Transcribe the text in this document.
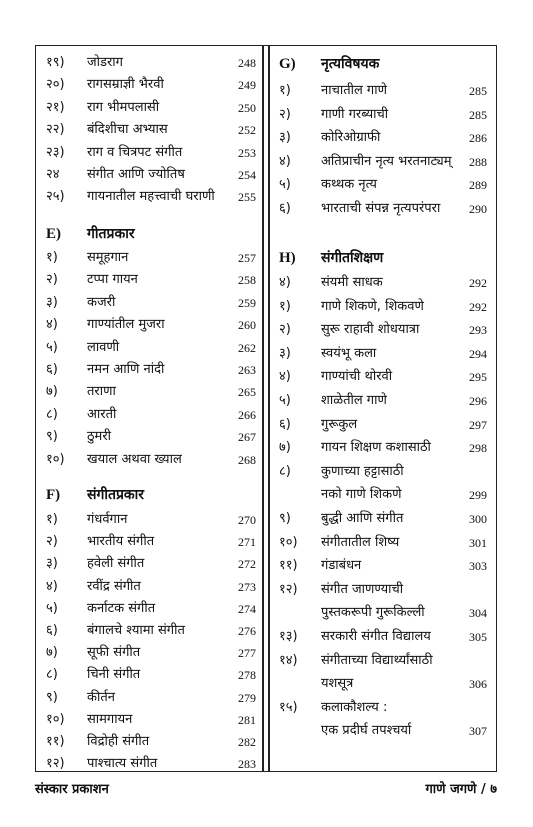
१९) जोडराग	248
२०) रागसम्राज्ञी भैरवी	249
२१) राग भीमपलासी	250
२२) बंदिशीचा अभ्यास	252
२३) राग व चित्रपट संगीत	253
२४ संगीत आणि ज्योतिष	254
२५) गायनातील महत्त्वाची घराणी 255
E) गीतप्रकार
१) समूहगान	257
२) टप्पा गायन	258
३) कजरी	259
४) गाण्यांतील मुजरा	260
५) लावणी	262
६) नमन आणि नांदी	263
७) तराणा	265
८) आरती	266
९) ठुमरी	267
१०) खयाल अथवा ख्याल	268
F) संगीतप्रकार
१) गंधर्वगान	270
२) भारतीय संगीत	271
३) हवेली संगीत	272
४) रवींद्र संगीत	273
५) कर्नाटक संगीत	274
६) बंगालचे श्यामा संगीत	276
७) सूफी संगीत	277
८) चिनी संगीत	278
९) कीर्तन	279
१०) सामगायन	281
११) विद्रोही संगीत	282
१२) पाश्चात्य संगीत	283
G) नृत्यविषयक
१) नाचातील गाणे	285
२) गाणी गरब्याची	285
३) कोरिओग्राफी	286
४) अतिप्राचीन नृत्य भरतनाट्यम् 288
५) कथ्थक नृत्य	289
६) भारताची संपन्न नृत्यपरंपरा 290
H) संगीतशिक्षण
४) संयमी साधक	292
१) गाणे शिकणे, शिकवणे	292
२) सुरू राहावी शोधयात्रा	293
३) स्वयंभू कला	294
४) गाण्यांची थोरवी	295
५) शाळेतील गाणे	296
६) गुरूकुल	297
७) गायन शिक्षण कशासाठी	298
८) कुणाच्या हट्टासाठी
नको गाणे शिकणे	299
९) बुद्धी आणि संगीत	300
१०) संगीतातील शिष्य	301
११) गंडाबंधन	303
१२) संगीत जाणण्याची
पुस्तकरूपी गुरूकिल्ली	304
१३) सरकारी संगीत विद्यालय	305
१४) संगीताच्या विद्यार्थ्यांसाठी
यशसूत्र	306
१५) कलाकौशल्य :
एक प्रदीर्घ तपश्चर्या	307
संस्कार प्रकाशन	गाणे जगणे / ७
